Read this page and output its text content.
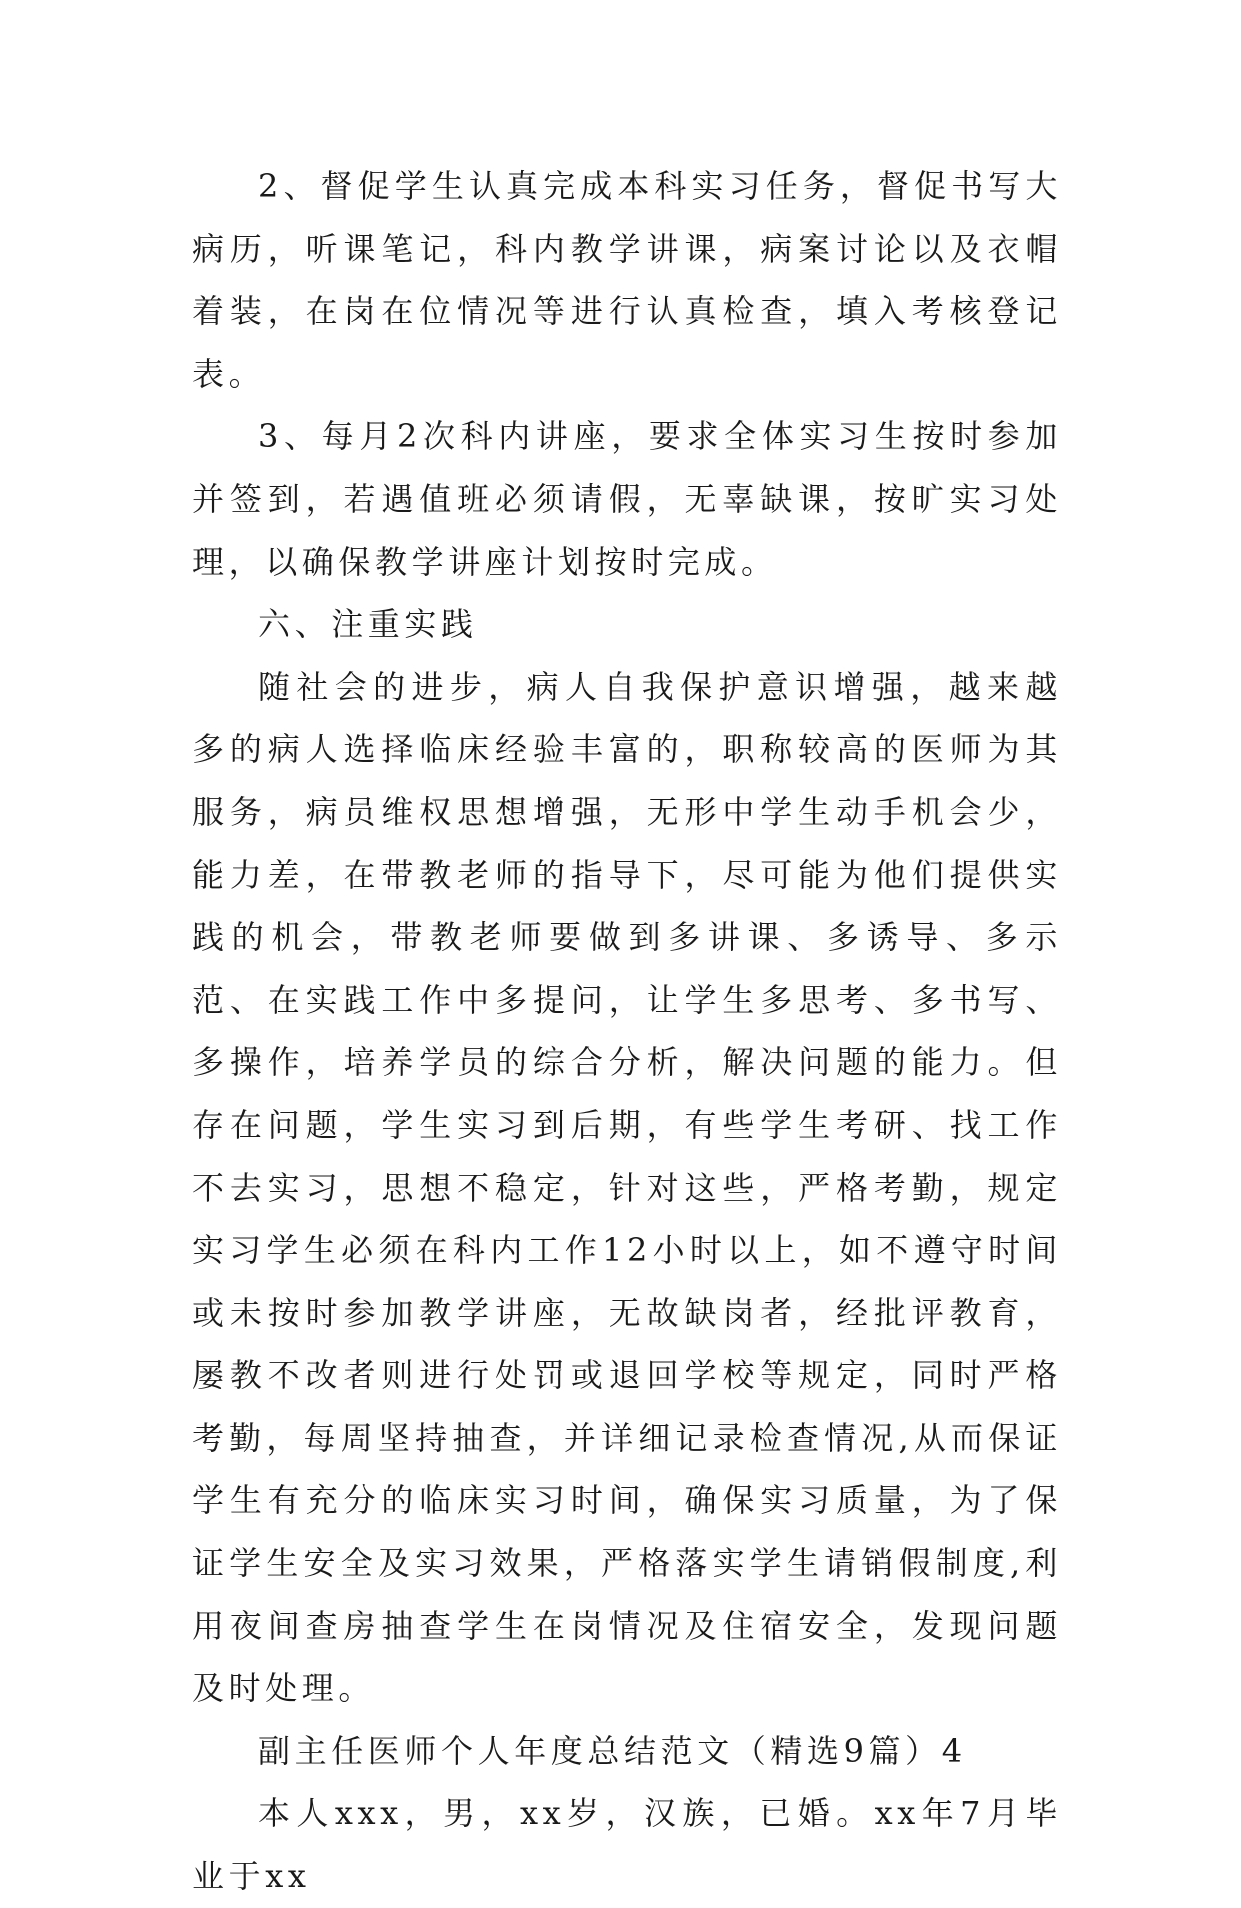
2、督促学生认真完成本科实习任务，督促书写大病历，听课笔记，科内教学讲课，病案讨论以及衣帽着装，在岗在位情况等进行认真检查，填入考核登记表。

3、每月2次科内讲座，要求全体实习生按时参加并签到，若遇值班必须请假，无辜缺课，按旷实习处理，以确保教学讲座计划按时完成。

六、注重实践

随社会的进步，病人自我保护意识增强，越来越多的病人选择临床经验丰富的，职称较高的医师为其服务，病员维权思想增强，无形中学生动手机会少，能力差，在带教老师的指导下，尽可能为他们提供实践的机会，带教老师要做到多讲课、多诱导、多示范、在实践工作中多提问，让学生多思考、多书写、多操作，培养学员的综合分析，解决问题的能力。但存在问题，学生实习到后期，有些学生考研、找工作不去实习，思想不稳定，针对这些，严格考勤，规定实习学生必须在科内工作12小时以上，如不遵守时间或未按时参加教学讲座，无故缺岗者，经批评教育，屡教不改者则进行处罚或退回学校等规定，同时严格考勤，每周坚持抽查，并详细记录检查情况,从而保证学生有充分的临床实习时间，确保实习质量，为了保证学生安全及实习效果，严格落实学生请销假制度,利用夜间查房抽查学生在岗情况及住宿安全，发现问题及时处理。

副主任医师个人年度总结范文（精选9篇）4

本人xxx，男，xx岁，汉族，已婚。xx年7月毕业于xx
